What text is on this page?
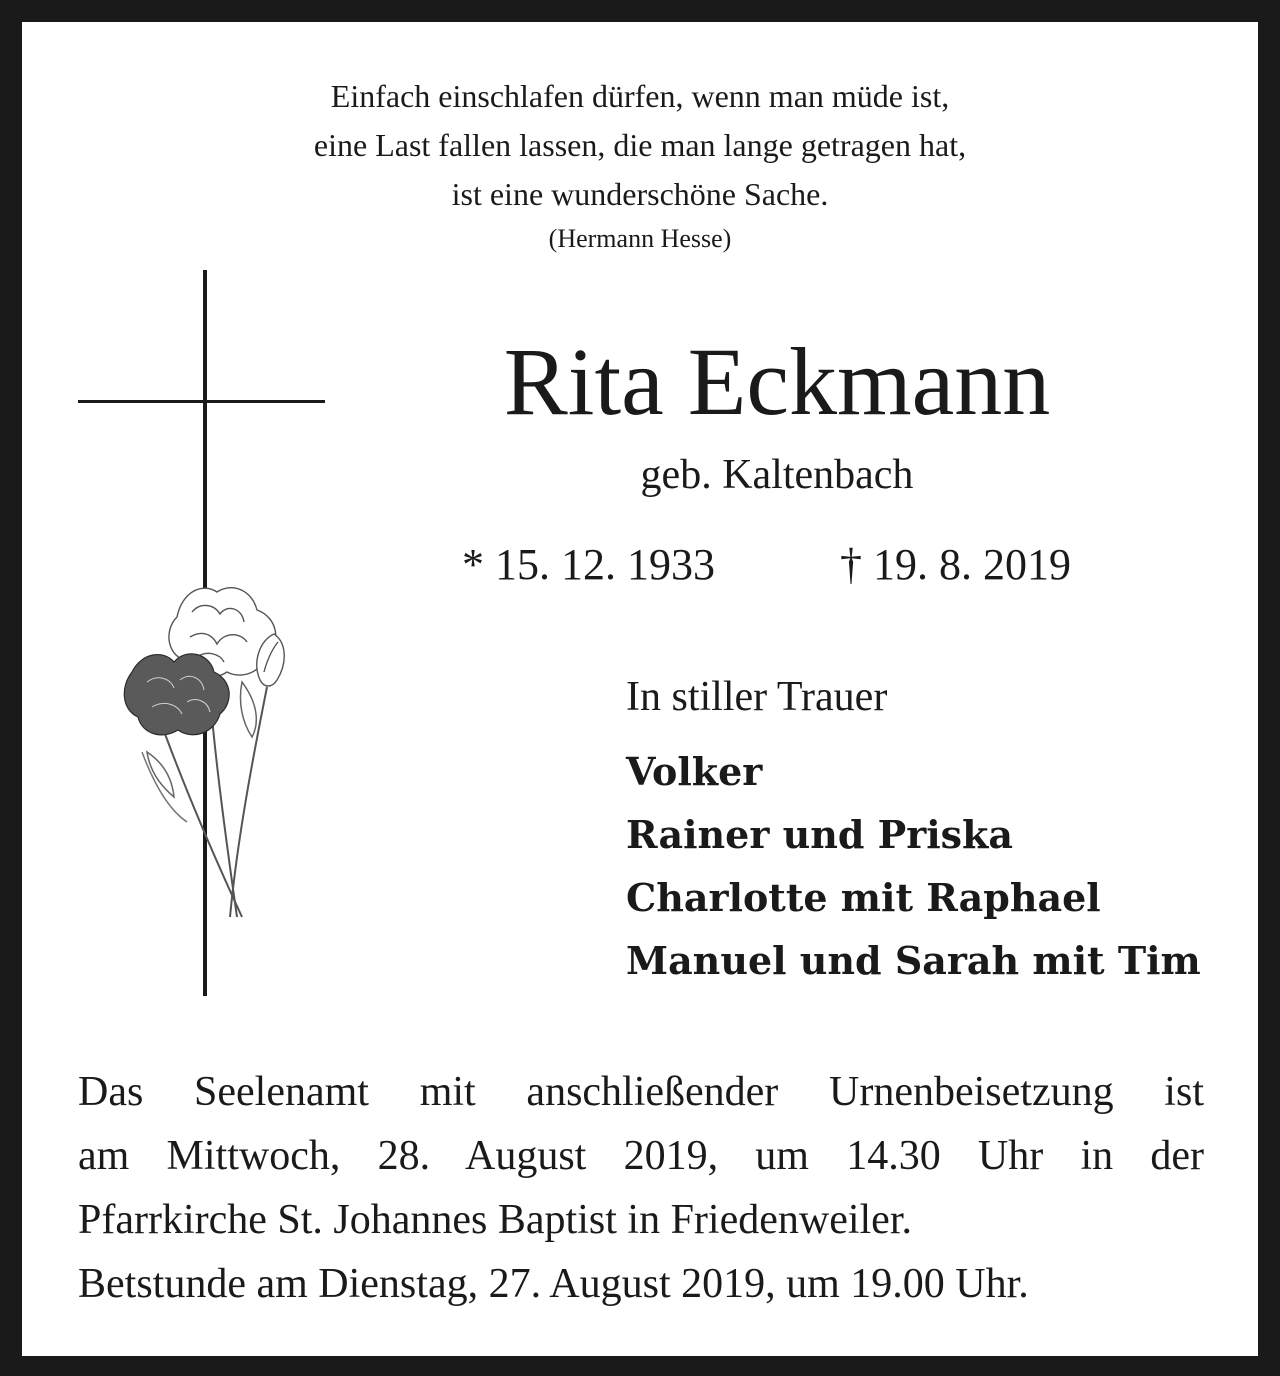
Einfach einschlafen dürfen, wenn man müde ist,
eine Last fallen lassen, die man lange getragen hat,
ist eine wunderschöne Sache.
(Hermann Hesse)
Rita Eckmann
geb. Kaltenbach
* 15. 12. 1933	† 19. 8. 2019
In stiller Trauer
Volker
Rainer und Priska
Charlotte mit Raphael
Manuel und Sarah mit Tim
Das Seelenamt mit anschließender Urnenbeisetzung ist
am Mittwoch, 28. August 2019, um 14.30 Uhr in der
Pfarrkirche St. Johannes Baptist in Friedenweiler.
Betstunde am Dienstag, 27. August 2019, um 19.00 Uhr.
